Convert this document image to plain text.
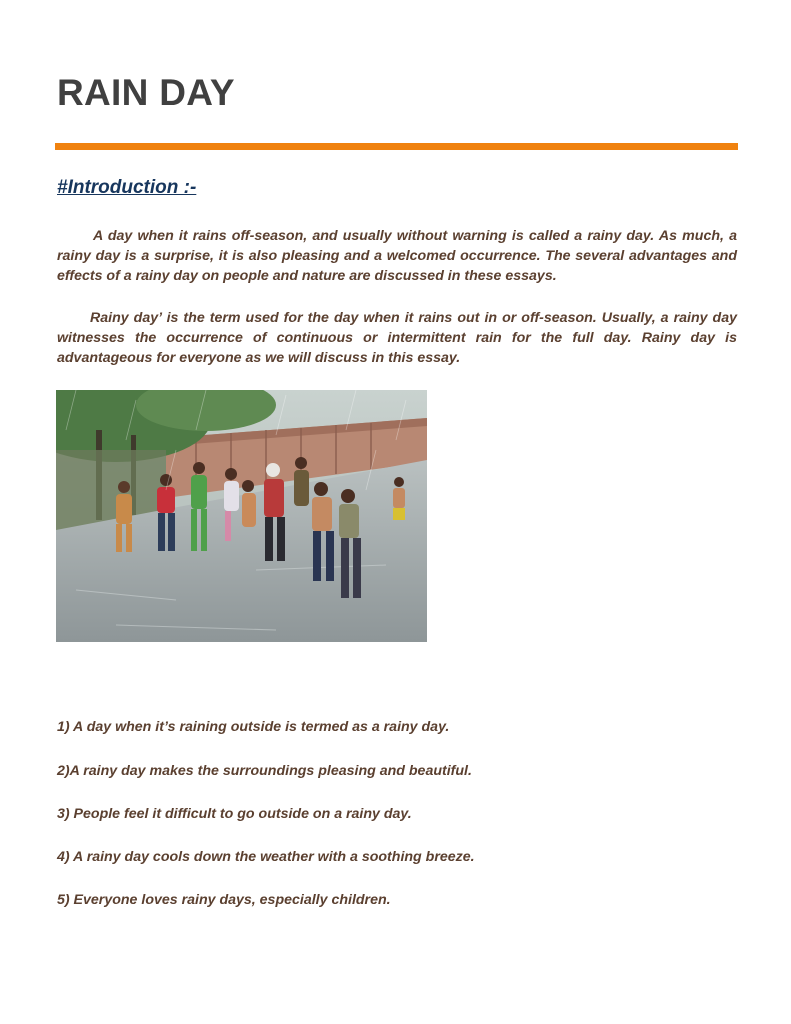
RAIN DAY
#Introduction :-

A day when it rains off-season, and usually without warning is called a rainy day. As much, a rainy day is a surprise, it is also pleasing and a welcomed occurrence. The several advantages and effects of a rainy day on people and nature are discussed in these essays.

Rainy day’ is the term used for the day when it rains out in or off-season. Usually, a rainy day witnesses the occurrence of continuous or intermittent rain for the full day. Rainy day is advantageous for everyone as we will discuss in this essay.

1) A day when it’s raining outside is termed as a rainy day.

2)A rainy day makes the surroundings pleasing and beautiful.

3) People feel it difficult to go outside on a rainy day.

4) A rainy day cools down the weather with a soothing breeze.

5) Everyone loves rainy days, especially children.
